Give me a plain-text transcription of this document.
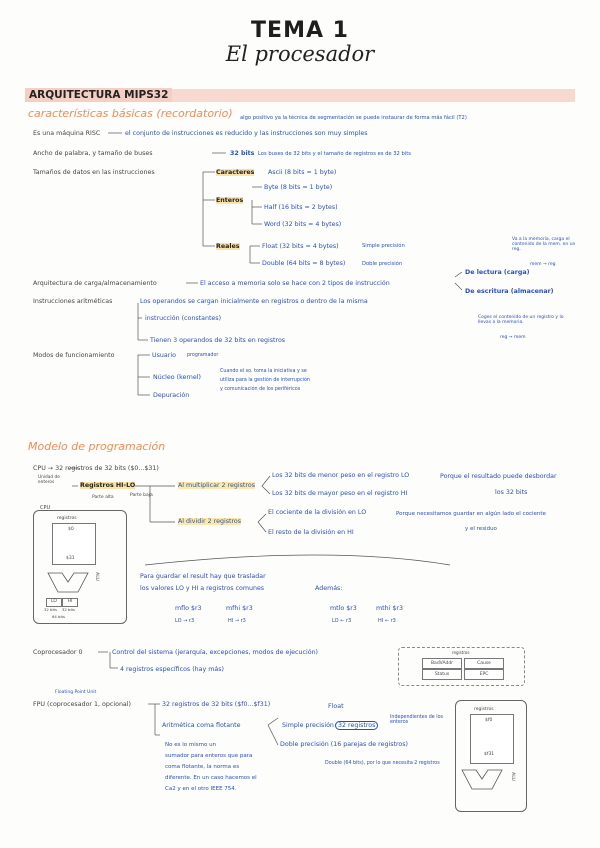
TEMA 1
El procesador
ARQUITECTURA MIPS32
características básicas (recordatorio) algo positivo ya la técnica de segmentación se puede instaurar de forma más fácil (T2)
Es una máquina RISC	el conjunto de instrucciones es reducido y las instrucciones son muy simples
Ancho de palabra, y tamaño de buses	32 bits Los buses de 32 bits y el tamaño de registros es de 32 bits
Tamaños de datos en las instrucciones	Caracteres Ascii (8 bits = 1 byte)
Enteros
Byte (8 bits = 1 byte)
Half (16 bits = 2 bytes)
Word (32 bits = 4 bytes)
Reales	Float (32 bits = 4 bytes)	Simple precisión
Double (64 bits = 8 bytes)	Doble precisión
Arquitectura de carga/almacenamiento	El acceso a memoria solo se hace con 2 tipos de instrucción
De lectura (carga)
De escritura (almacenar)
Va a la memoria, carga el contenido de la mem. en un reg.
mem → reg
Coges el contenido de un registro y lo llevas a la memoria.
reg → mem
Instrucciones aritméticas	Los operandos se cargan inicialmente en registros o dentro de la misma
instrucción (constantes)
Tienen 3 operandos de 32 bits en registros
Modos de funcionamiento	Usuario programador
Núcleo (kernel)
Depuración
Cuando el so. toma la iniciativa y se
utiliza para la gestión de interrupción
y comunicación de los periféricos
Modelo de programación
CPU → 32 registros de 32 bits ($0...$31)
Unidad de enteros	Registros HI-LO
Parte alta	Parte baja
Al multiplicar 2 registros
Los 32 bits de menor peso en el registro LO
Los 32 bits de mayor peso en el registro HI
Porque el resultado puede desbordar
los 32 bits
Al dividir 2 registros
El cociente de la división en LO
El resto de la división en HI
Porque necesitamos guardar en algún lado el cociente
y el residuo
CPU
registros
$0
$31
ALU
LO	HI
32 bits 32 bits
64 bits
Para guardar el result hay que trasladar
los valores LO y HI a registros comunes
mflo $r3	mfhi $r3
LO → r3	HI → r3
Además:
mtlo $r3	mthi $r3
LO ← r3	HI ← r3
Coprocesador 0	Control del sistema (jerarquía, excepciones, modos de ejecución)
4 registros específicos (hay más)
registros
BadVAddr	Cause
Status	EPC
Floating Point Unit
FPU (coprocesador 1, opcional)	32 registros de 32 bits ($f0...$f31)
Aritmética coma flotante	Simple precisión 32 registros
Doble precisión (16 parejas de registros)
Float
Independientes de los enteros
Double (64 bits), por lo que necesita 2 registros
No es lo mismo un
sumador para enteros que para
coma flotante, la norma es
diferente. En un caso hacemos el
Ca2 y en el otro IEEE 754.
registros
$f0
$f31
ALU
